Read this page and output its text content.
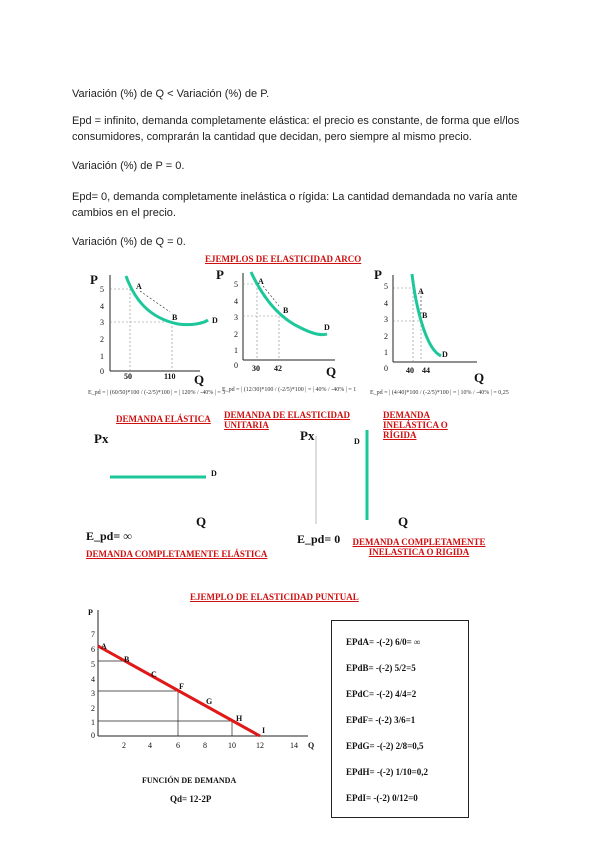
Variación (%) de Q < Variación (%) de P.
Epd = infinito, demanda completamente elástica: el precio es constante, de forma que el/los consumidores, comprarán la cantidad que decidan, pero siempre al mismo precio.
Variación (%) de P = 0.
Epd= 0, demanda completamente inelástica o rígida: La cantidad demandada no varía ante cambios en el precio.
Variación (%) de Q = 0.
EJEMPLOS DE ELASTICIDAD ARCO
P
5
4
3
2
1
0
A
B	D
50	110 Q
E_pd = | (60/50)*100 / (-2/5)*100 | = | 120% / -40% | = 3
DEMANDA ELÁSTICA
P
5
4
3
2
1
A
B
D
0 30 42	Q
E_pd = | (12/30)*100 / (-2/5)*100 | = | 40% / -40% | = 1
DEMANDA DE ELASTICIDAD UNITARIA
P
5
4
3
2
1
A
B
D
0 40 44	Q
E_pd = | (4/40)*100 / (-2/5)*100 | = | 10% / -40% | = 0,25
DEMANDA INELÁSTICA O RÍGIDA
Px
D
Q
E_pd= ∞
DEMANDA COMPLETAMENTE ELÁSTICA
Px	D
Q
E_pd= 0	DEMANDA COMPLETAMENTE INELASTICA O RIGIDA
EJEMPLO DE ELASTICIDAD PUNTUAL
P
7
6
5
4
3
2
1
0
A
B
C
F
G
H
I
2	4	6	8	10	12	14 Q
FUNCIÓN DE DEMANDA
Qd= 12-2P
EPdA= -(-2) 6/0= ∞
EPdB= -(-2) 5/2=5
EPdC= -(-2) 4/4=2
EPdF= -(-2) 3/6=1
EPdG= -(-2) 2/8=0,5
EPdH= -(-2) 1/10=0,2
EPdI= -(-2) 0/12=0
